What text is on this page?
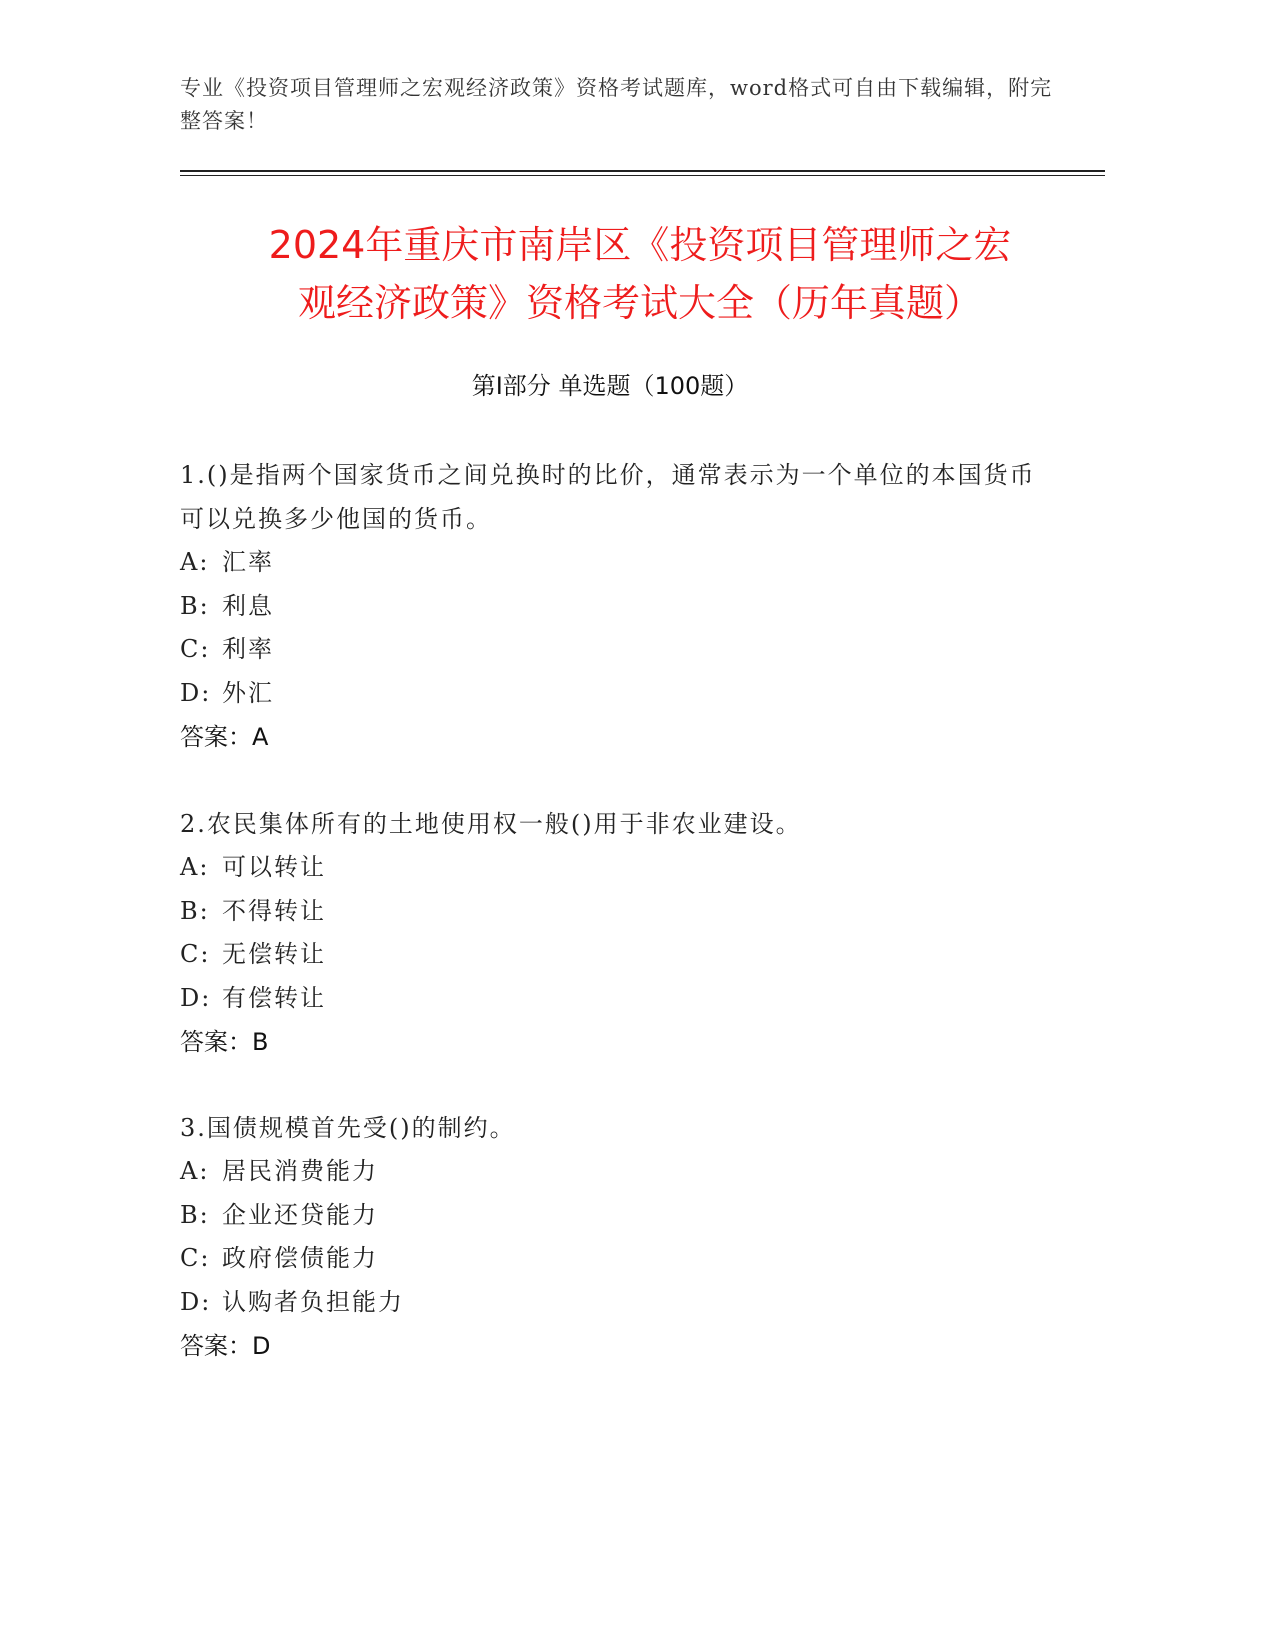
专业《投资项目管理师之宏观经济政策》资格考试题库，word格式可自由下载编辑，附完整答案！
2024年重庆市南岸区《投资项目管理师之宏
观经济政策》资格考试大全（历年真题）
第Ⅰ部分 单选题（100题）
1.()是指两个国家货币之间兑换时的比价，通常表示为一个单位的本国货币可以兑换多少他国的货币。
A: 汇率
B: 利息
C: 利率
D: 外汇
答案：A
2.农民集体所有的土地使用权一般()用于非农业建设。
A: 可以转让
B: 不得转让
C: 无偿转让
D: 有偿转让
答案：B
3.国债规模首先受()的制约。
A: 居民消费能力
B: 企业还贷能力
C: 政府偿债能力
D: 认购者负担能力
答案：D
